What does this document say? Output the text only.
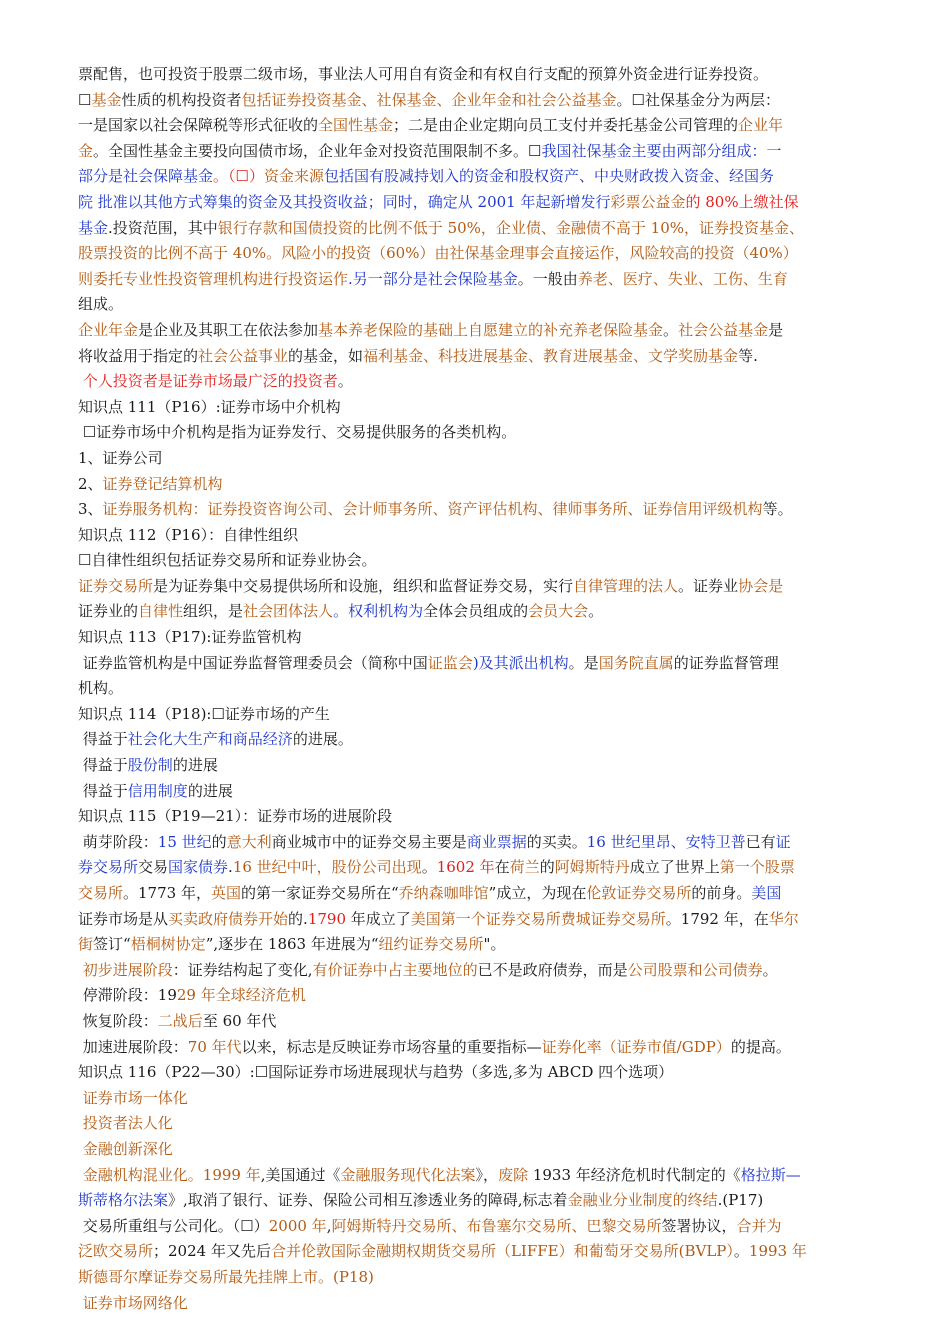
票配售，也可投资于股票二级市场，事业法人可用自有资金和有权自行支配的预算外资金进行证券投资。
☐基金性质的机构投资者包括证券投资基金、社保基金、企业年金和社会公益基金。☐社保基金分为两层：
一是国家以社会保障税等形式征收的全国性基金；二是由企业定期向员工支付并委托基金公司管理的企业年
金。全国性基金主要投向国债市场，企业年金对投资范围限制不多。☐我国社保基金主要由两部分组成：一
部分是社会保障基金。（☐）资金来源包括国有股减持划入的资金和股权资产、中央财政拨入资金、经国务
院 批准以其他方式筹集的资金及其投资收益；同时，确定从 2001 年起新增发行彩票公益金的 80%上缴社保
基金.投资范围，其中银行存款和国债投资的比例不低于 50%，企业债、金融债不高于 10%，证券投资基金、
股票投资的比例不高于 40%。风险小的投资（60%）由社保基金理事会直接运作，风险较高的投资（40%）
则委托专业性投资管理机构进行投资运作.另一部分是社会保险基金。一般由养老、医疗、失业、工伤、生育
组成。
企业年金是企业及其职工在依法参加基本养老保险的基础上自愿建立的补充养老保险基金。社会公益基金是
将收益用于指定的社会公益事业的基金，如福利基金、科技进展基金、教育进展基金、文学奖励基金等.
个人投资者是证券市场最广泛的投资者。
知识点 111（P16）:证券市场中介机构
☐证券市场中介机构是指为证券发行、交易提供服务的各类机构。
1、证券公司
2、证券登记结算机构
3、证券服务机构：证券投资咨询公司、会计师事务所、资产评估机构、律师事务所、证券信用评级机构等。
知识点 112（P16）：自律性组织
☐自律性组织包括证券交易所和证券业协会。
证券交易所是为证券集中交易提供场所和设施，组织和监督证券交易，实行自律管理的法人。证券业协会是
证券业的自律性组织，是社会团体法人。权利机构为全体会员组成的会员大会。
知识点 113（P17):证券监管机构
证券监管机构是中国证券监督管理委员会（简称中国证监会)及其派出机构。是国务院直属的证券监督管理
机构。
知识点 114（P18):☐证券市场的产生
得益于社会化大生产和商品经济的进展。
得益于股份制的进展
得益于信用制度的进展
知识点 115（P19—21）：证券市场的进展阶段
萌芽阶段：15 世纪的意大利商业城市中的证券交易主要是商业票据的买卖。16 世纪里昂、安特卫普已有证
券交易所交易国家债券.16 世纪中叶，股份公司出现。1602 年在荷兰的阿姆斯特丹成立了世界上第一个股票
交易所。1773 年，英国的第一家证券交易所在“乔纳森咖啡馆”成立，为现在伦敦证券交易所的前身。美国
证券市场是从买卖政府债券开始的.1790 年成立了美国第一个证券交易所费城证券交易所。1792 年，在华尔
街签订“梧桐树协定”,逐步在 1863 年进展为“纽约证券交易所"。
初步进展阶段：证券结构起了变化,有价证券中占主要地位的已不是政府债券，而是公司股票和公司债券。
停滞阶段：1929 年全球经济危机
恢复阶段：二战后至 60 年代
加速进展阶段：70 年代以来，标志是反映证券市场容量的重要指标—证券化率（证券市值/GDP）的提高。
知识点 116（P22—30）:☐国际证券市场进展现状与趋势（多选,多为 ABCD 四个选项）
证券市场一体化
投资者法人化
金融创新深化
金融机构混业化。1999 年,美国通过《金融服务现代化法案》，废除 1933 年经济危机时代制定的《格拉斯—
斯蒂格尔法案》,取消了银行、证券、保险公司相互渗透业务的障碍,标志着金融业分业制度的终结.(P17)
交易所重组与公司化。（☐）2000 年,阿姆斯特丹交易所、布鲁塞尔交易所、巴黎交易所签署协议，合并为
泛欧交易所；2024 年又先后合并伦敦国际金融期权期货交易所（LIFFE）和葡萄牙交易所(BVLP）。1993 年
斯德哥尔摩证券交易所最先挂牌上市。(P18)
证券市场网络化
